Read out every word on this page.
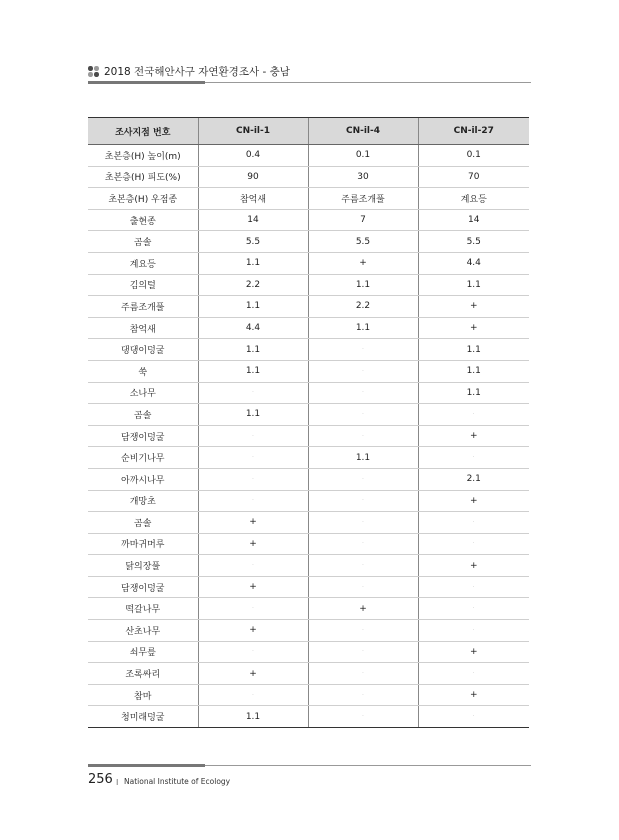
2018 전국해안사구 자연환경조사 - 충남
조사지점 번호	CN-il-1	CN-il-4	CN-il-27
초본층(H) 높이(m)	0.4	0.1	0.1
초본층(H) 피도(%)	90	30	70
초본층(H) 우점종	참억새	주름조개풀	계요등
출현종	14	7	14
곰솔	5.5	5.5	5.5
계요등	1.1	+	4.4
김의털	2.2	1.1	1.1
주름조개풀	1.1	2.2	+
참억새	4.4	1.1	+
댕댕이덩굴	1.1	·	1.1
쑥	1.1	·	1.1
소나무	·	·	1.1
곰솔	1.1	·	·
담쟁이덩굴	·	·	+
순비기나무	·	1.1	·
아까시나무	·	·	2.1
개망초	·	·	+
곰솔	+	·	·
까마귀머루	+	·	·
닭의장풀	·	·	+
담쟁이덩굴	+	·	·
떡갈나무	·	+	·
산초나무	+	·	·
쇠무릎	·	·	+
조록싸리	+	·	·
참마	·	·	+
청미래덩굴	1.1	·	·
256 I National Institute of Ecology
